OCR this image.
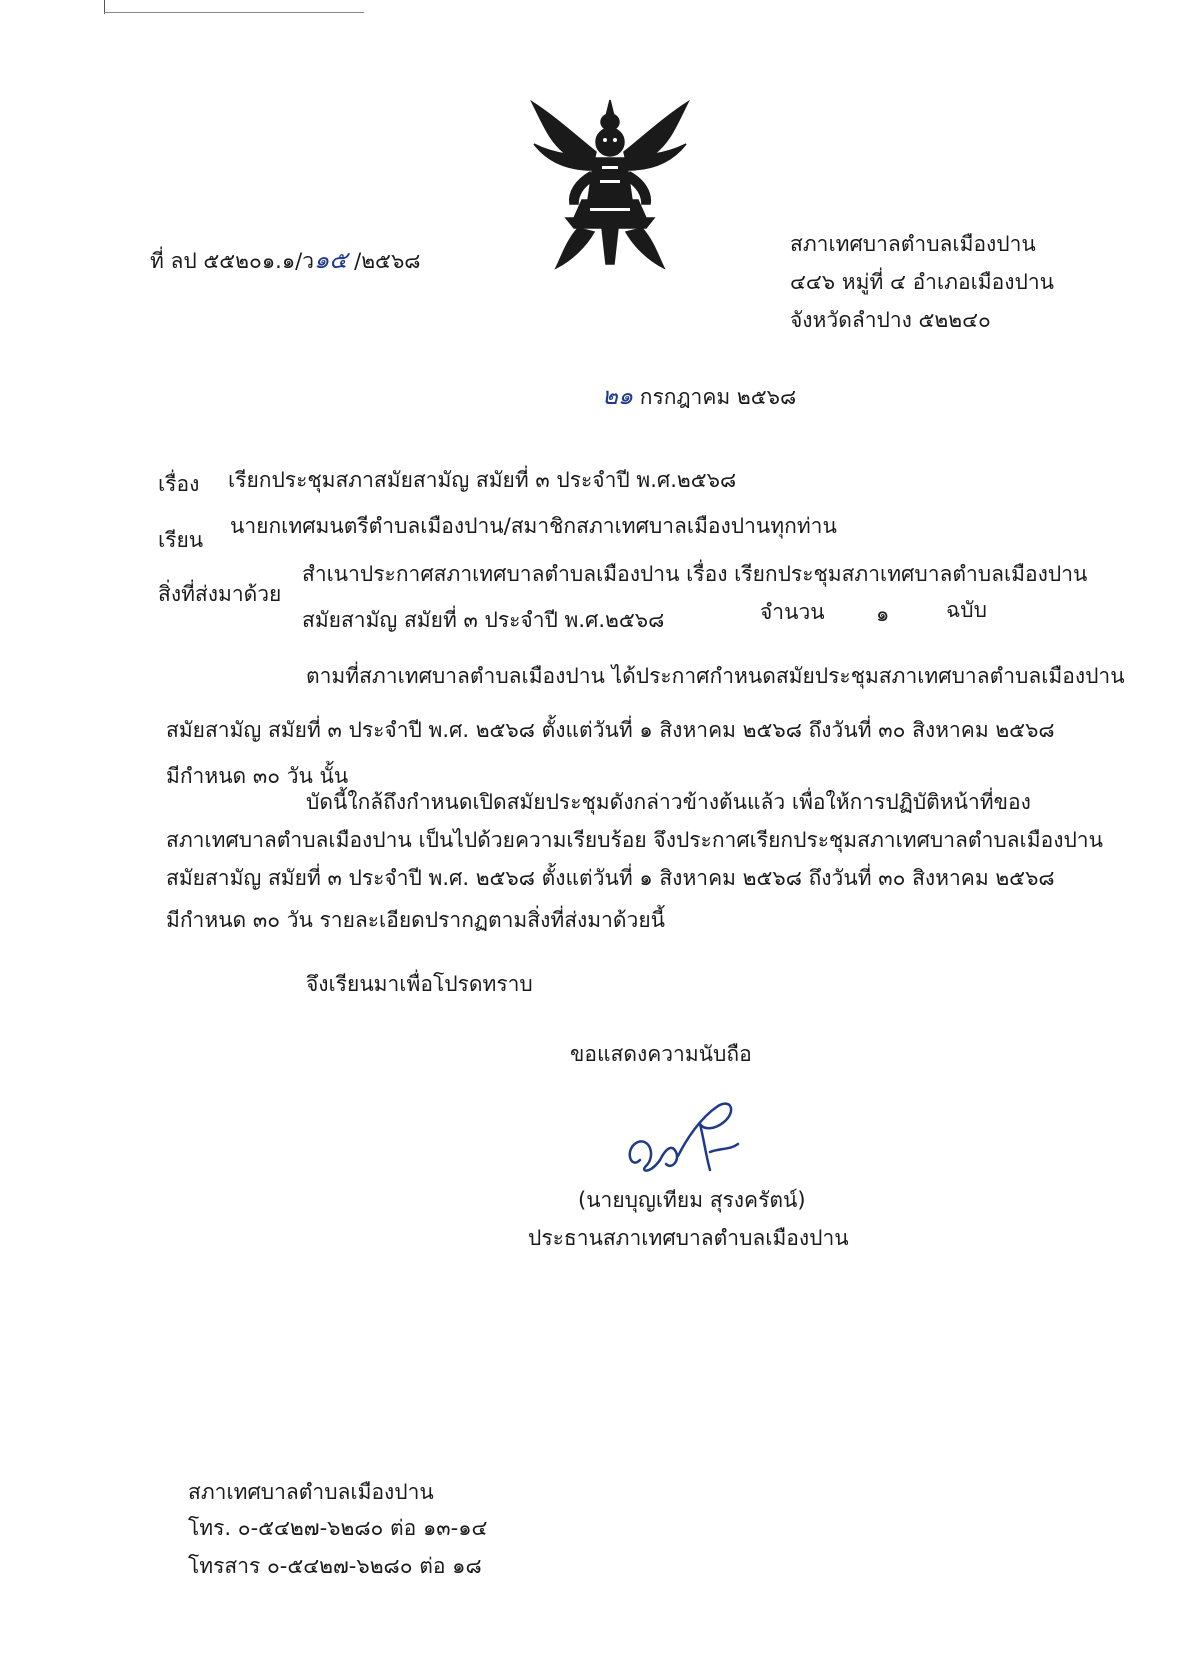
ที่ ลป ๕๕๒๐๑.๑/ว๑๕ /๒๕๖๘
สภาเทศบาลตำบลเมืองปาน
๔๔๖ หมู่ที่ ๔ อำเภอเมืองปาน
จังหวัดลำปาง ๕๒๒๔๐
๒๑ กรกฎาคม ๒๕๖๘
เรื่อง เรียกประชุมสภาสมัยสามัญ สมัยที่ ๓ ประจำปี พ.ศ.๒๕๖๘
เรียน
นายกเทศมนตรีตำบลเมืองปาน/สมาชิกสภาเทศบาลเมืองปานทุกท่าน
สิ่งที่ส่งมาด้วย
สำเนาประกาศสภาเทศบาลตำบลเมืองปาน เรื่อง เรียกประชุมสภาเทศบาลตำบลเมืองปาน
สมัยสามัญ สมัยที่ ๓ ประจำปี พ.ศ.๒๕๖๘	จำนวน ๑	ฉบับ
ตามที่สภาเทศบาลตำบลเมืองปาน ได้ประกาศกำหนดสมัยประชุมสภาเทศบาลตำบลเมืองปาน
สมัยสามัญ สมัยที่ ๓ ประจำปี พ.ศ. ๒๕๖๘ ตั้งแต่วันที่ ๑ สิงหาคม ๒๕๖๘ ถึงวันที่ ๓๐ สิงหาคม ๒๕๖๘
มีกำหนด ๓๐ วัน นั้น
บัดนี้ใกล้ถึงกำหนดเปิดสมัยประชุมดังกล่าวข้างต้นแล้ว เพื่อให้การปฏิบัติหน้าที่ของ
สภาเทศบาลตำบลเมืองปาน เป็นไปด้วยความเรียบร้อย จึงประกาศเรียกประชุมสภาเทศบาลตำบลเมืองปาน
สมัยสามัญ สมัยที่ ๓ ประจำปี พ.ศ. ๒๕๖๘ ตั้งแต่วันที่ ๑ สิงหาคม ๒๕๖๘ ถึงวันที่ ๓๐ สิงหาคม ๒๕๖๘
มีกำหนด ๓๐ วัน รายละเอียดปรากฏตามสิ่งที่ส่งมาด้วยนี้
จึงเรียนมาเพื่อโปรดทราบ
ขอแสดงความนับถือ
(นายบุญเทียม สุรงครัตน์)
ประธานสภาเทศบาลตำบลเมืองปาน
สภาเทศบาลตำบลเมืองปาน
โทร. ๐-๕๔๒๗-๖๒๘๐ ต่อ ๑๓-๑๔
โทรสาร ๐-๕๔๒๗-๖๒๘๐ ต่อ ๑๘
